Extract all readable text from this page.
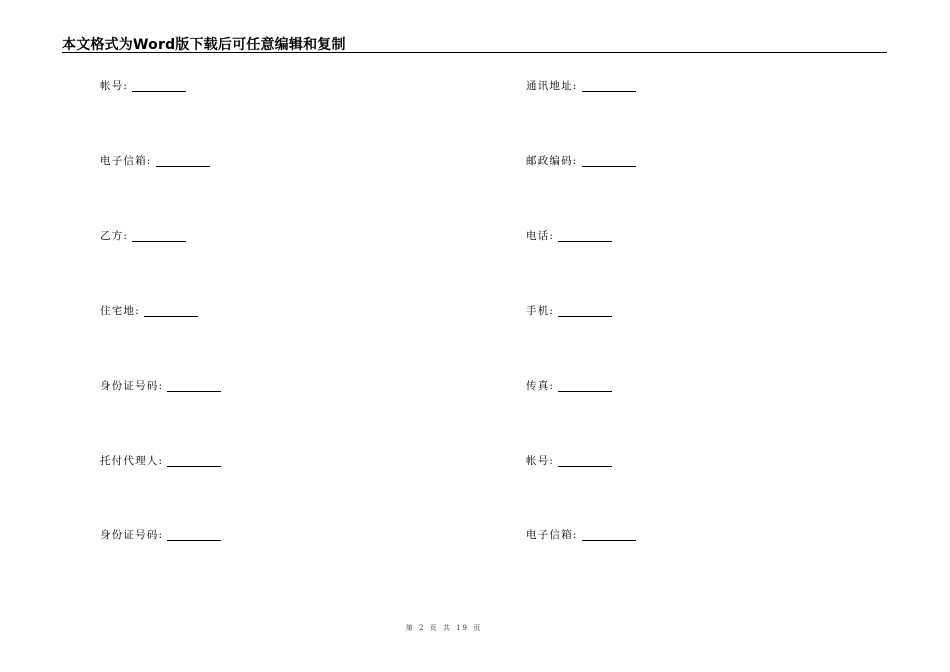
本文格式为Word版下载后可任意编辑和复制
帐号:
电子信箱:
乙方:
住宅地:
身份证号码:
托付代理人:
身份证号码:
通讯地址:
邮政编码:
电话:
手机:
传真:
帐号:
电子信箱:
第 2 页 共 19 页
